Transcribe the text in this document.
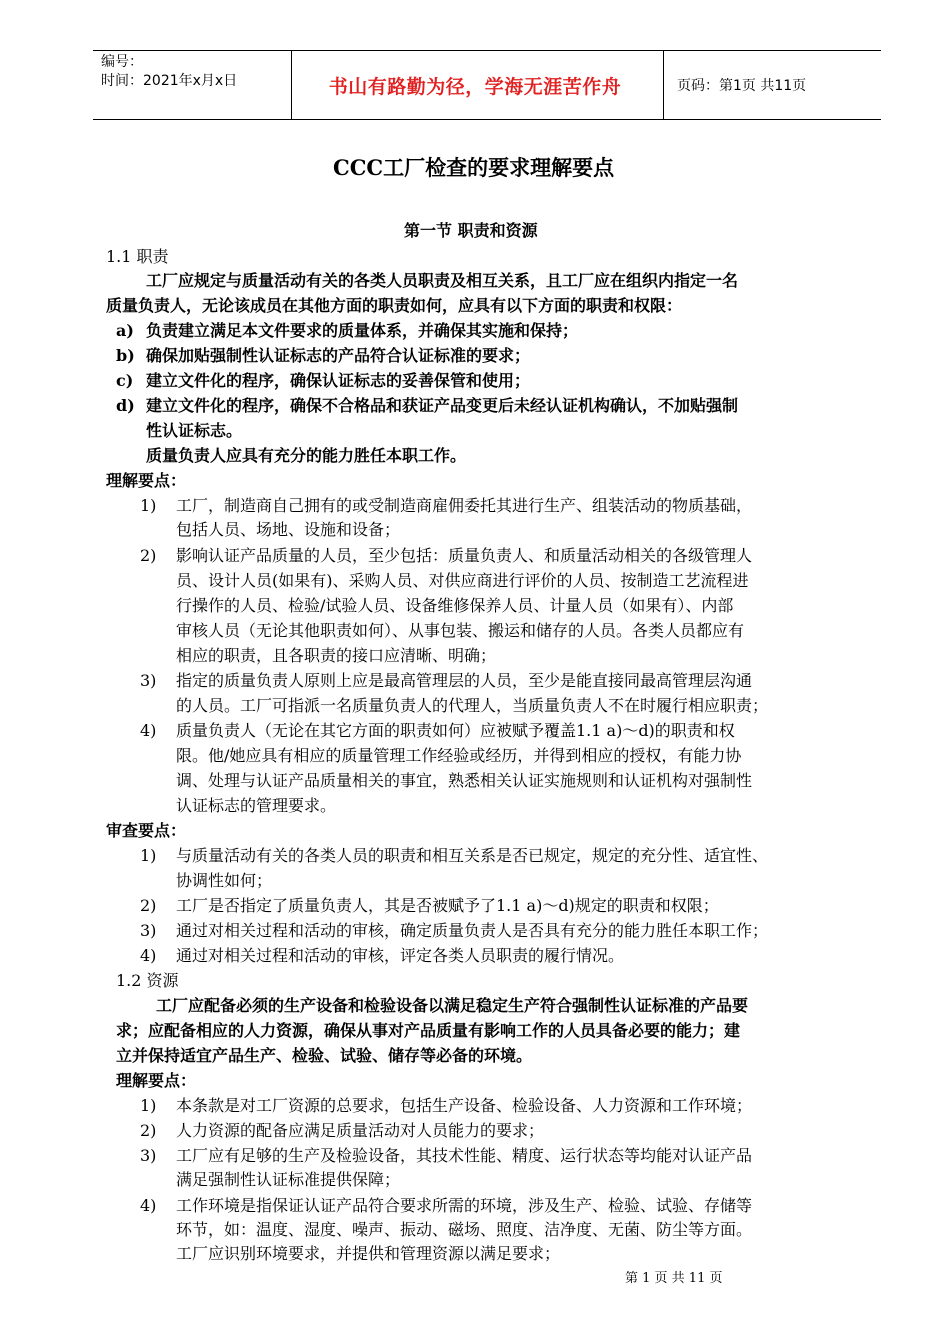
编号：
时间：2021年x月x日	书山有路勤为径，学海无涯苦作舟	页码：第1页 共11页
CCC工厂检查的要求理解要点
第一节 职责和资源
1.1 职责
工厂应规定与质量活动有关的各类人员职责及相互关系，且工厂应在组织内指定一名
质量负责人，无论该成员在其他方面的职责如何，应具有以下方面的职责和权限：
a) 负责建立满足本文件要求的质量体系，并确保其实施和保持；
b) 确保加贴强制性认证标志的产品符合认证标准的要求；
c) 建立文件化的程序，确保认证标志的妥善保管和使用；
d) 建立文件化的程序，确保不合格品和获证产品变更后未经认证机构确认，不加贴强制
性认证标志。
质量负责人应具有充分的能力胜任本职工作。
理解要点：
1) 工厂，制造商自己拥有的或受制造商雇佣委托其进行生产、组装活动的物质基础，
包括人员、场地、设施和设备；
2) 影响认证产品质量的人员，至少包括：质量负责人、和质量活动相关的各级管理人
员、设计人员(如果有)、采购人员、对供应商进行评价的人员、按制造工艺流程进
行操作的人员、检验/试验人员、设备维修保养人员、计量人员（如果有）、内部
审核人员（无论其他职责如何）、从事包装、搬运和储存的人员。各类人员都应有
相应的职责，且各职责的接口应清晰、明确；
3) 指定的质量负责人原则上应是最高管理层的人员，至少是能直接同最高管理层沟通
的人员。工厂可指派一名质量负责人的代理人，当质量负责人不在时履行相应职责；
4) 质量负责人（无论在其它方面的职责如何）应被赋予覆盖1.1 a)～d)的职责和权
限。他/她应具有相应的质量管理工作经验或经历，并得到相应的授权，有能力协
调、处理与认证产品质量相关的事宜，熟悉相关认证实施规则和认证机构对强制性
认证标志的管理要求。
审查要点：
1) 与质量活动有关的各类人员的职责和相互关系是否已规定，规定的充分性、适宜性、
协调性如何；
2) 工厂是否指定了质量负责人，其是否被赋予了1.1 a)～d)规定的职责和权限；
3) 通过对相关过程和活动的审核，确定质量负责人是否具有充分的能力胜任本职工作；
4) 通过对相关过程和活动的审核，评定各类人员职责的履行情况。
1.2 资源
工厂应配备必须的生产设备和检验设备以满足稳定生产符合强制性认证标准的产品要
求；应配备相应的人力资源，确保从事对产品质量有影响工作的人员具备必要的能力；建
立并保持适宜产品生产、检验、试验、储存等必备的环境。
理解要点：
1) 本条款是对工厂资源的总要求，包括生产设备、检验设备、人力资源和工作环境；
2) 人力资源的配备应满足质量活动对人员能力的要求；
3) 工厂应有足够的生产及检验设备，其技术性能、精度、运行状态等均能对认证产品
满足强制性认证标准提供保障；
4) 工作环境是指保证认证产品符合要求所需的环境，涉及生产、检验、试验、存储等
环节，如：温度、湿度、噪声、振动、磁场、照度、洁净度、无菌、防尘等方面。
工厂应识别环境要求，并提供和管理资源以满足要求；
第 1 页 共 11 页
